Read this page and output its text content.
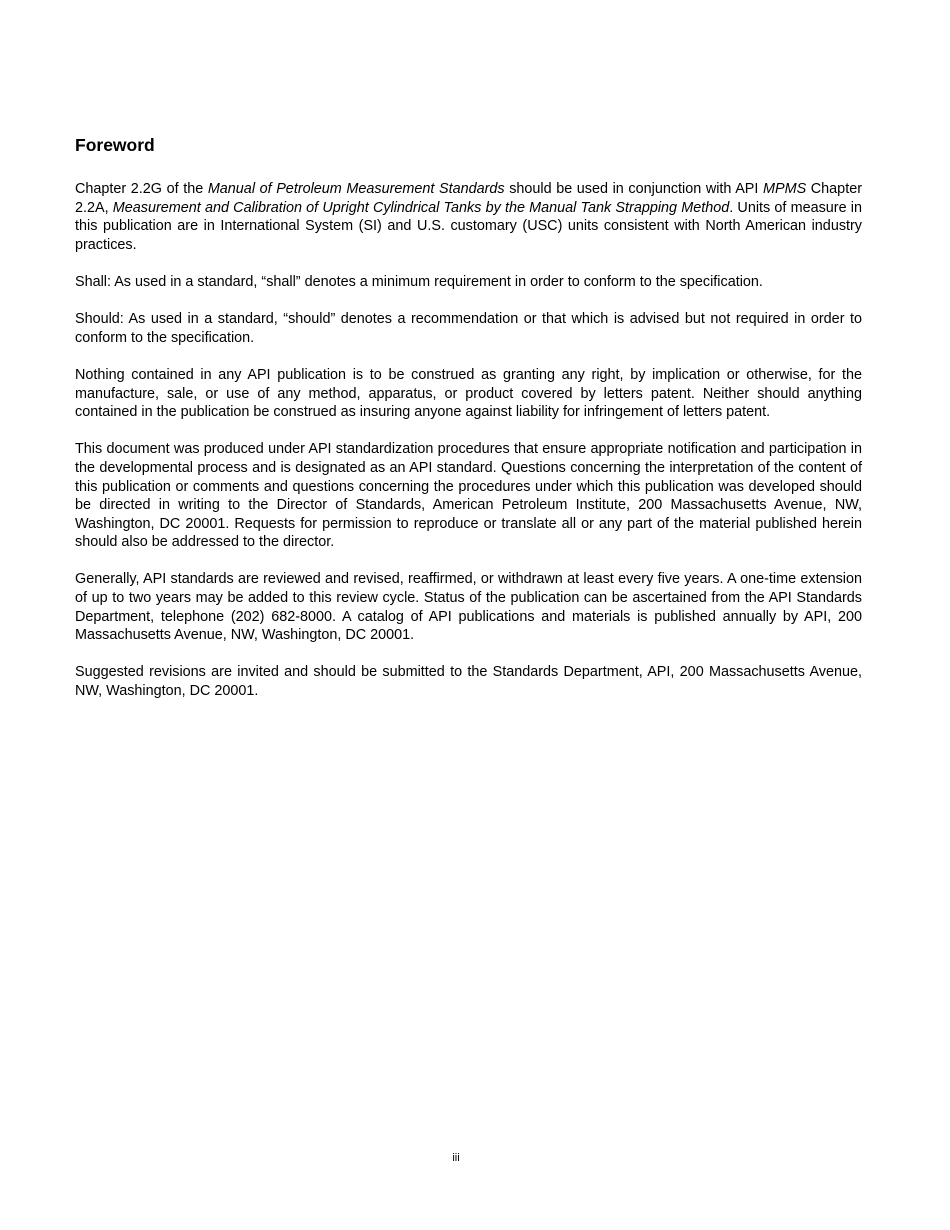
Foreword

Chapter 2.2G of the Manual of Petroleum Measurement Standards should be used in conjunction with API MPMS Chapter 2.2A, Measurement and Calibration of Upright Cylindrical Tanks by the Manual Tank Strapping Method. Units of measure in this publication are in International System (SI) and U.S. customary (USC) units consistent with North American industry practices.

Shall: As used in a standard, “shall” denotes a minimum requirement in order to conform to the specification.

Should: As used in a standard, “should” denotes a recommendation or that which is advised but not required in order to conform to the specification.

Nothing contained in any API publication is to be construed as granting any right, by implication or otherwise, for the manufacture, sale, or use of any method, apparatus, or product covered by letters patent. Neither should anything contained in the publication be construed as insuring anyone against liability for infringement of letters patent.

This document was produced under API standardization procedures that ensure appropriate notification and participation in the developmental process and is designated as an API standard. Questions concerning the interpretation of the content of this publication or comments and questions concerning the procedures under which this publication was developed should be directed in writing to the Director of Standards, American Petroleum Institute, 200 Massachusetts Avenue, NW, Washington, DC 20001. Requests for permission to reproduce or translate all or any part of the material published herein should also be addressed to the director.

Generally, API standards are reviewed and revised, reaffirmed, or withdrawn at least every five years. A one-time extension of up to two years may be added to this review cycle. Status of the publication can be ascertained from the API Standards Department, telephone (202) 682-8000. A catalog of API publications and materials is published annually by API, 200 Massachusetts Avenue, NW, Washington, DC 20001.

Suggested revisions are invited and should be submitted to the Standards Department, API, 200 Massachusetts Avenue, NW, Washington, DC 20001.

iii
